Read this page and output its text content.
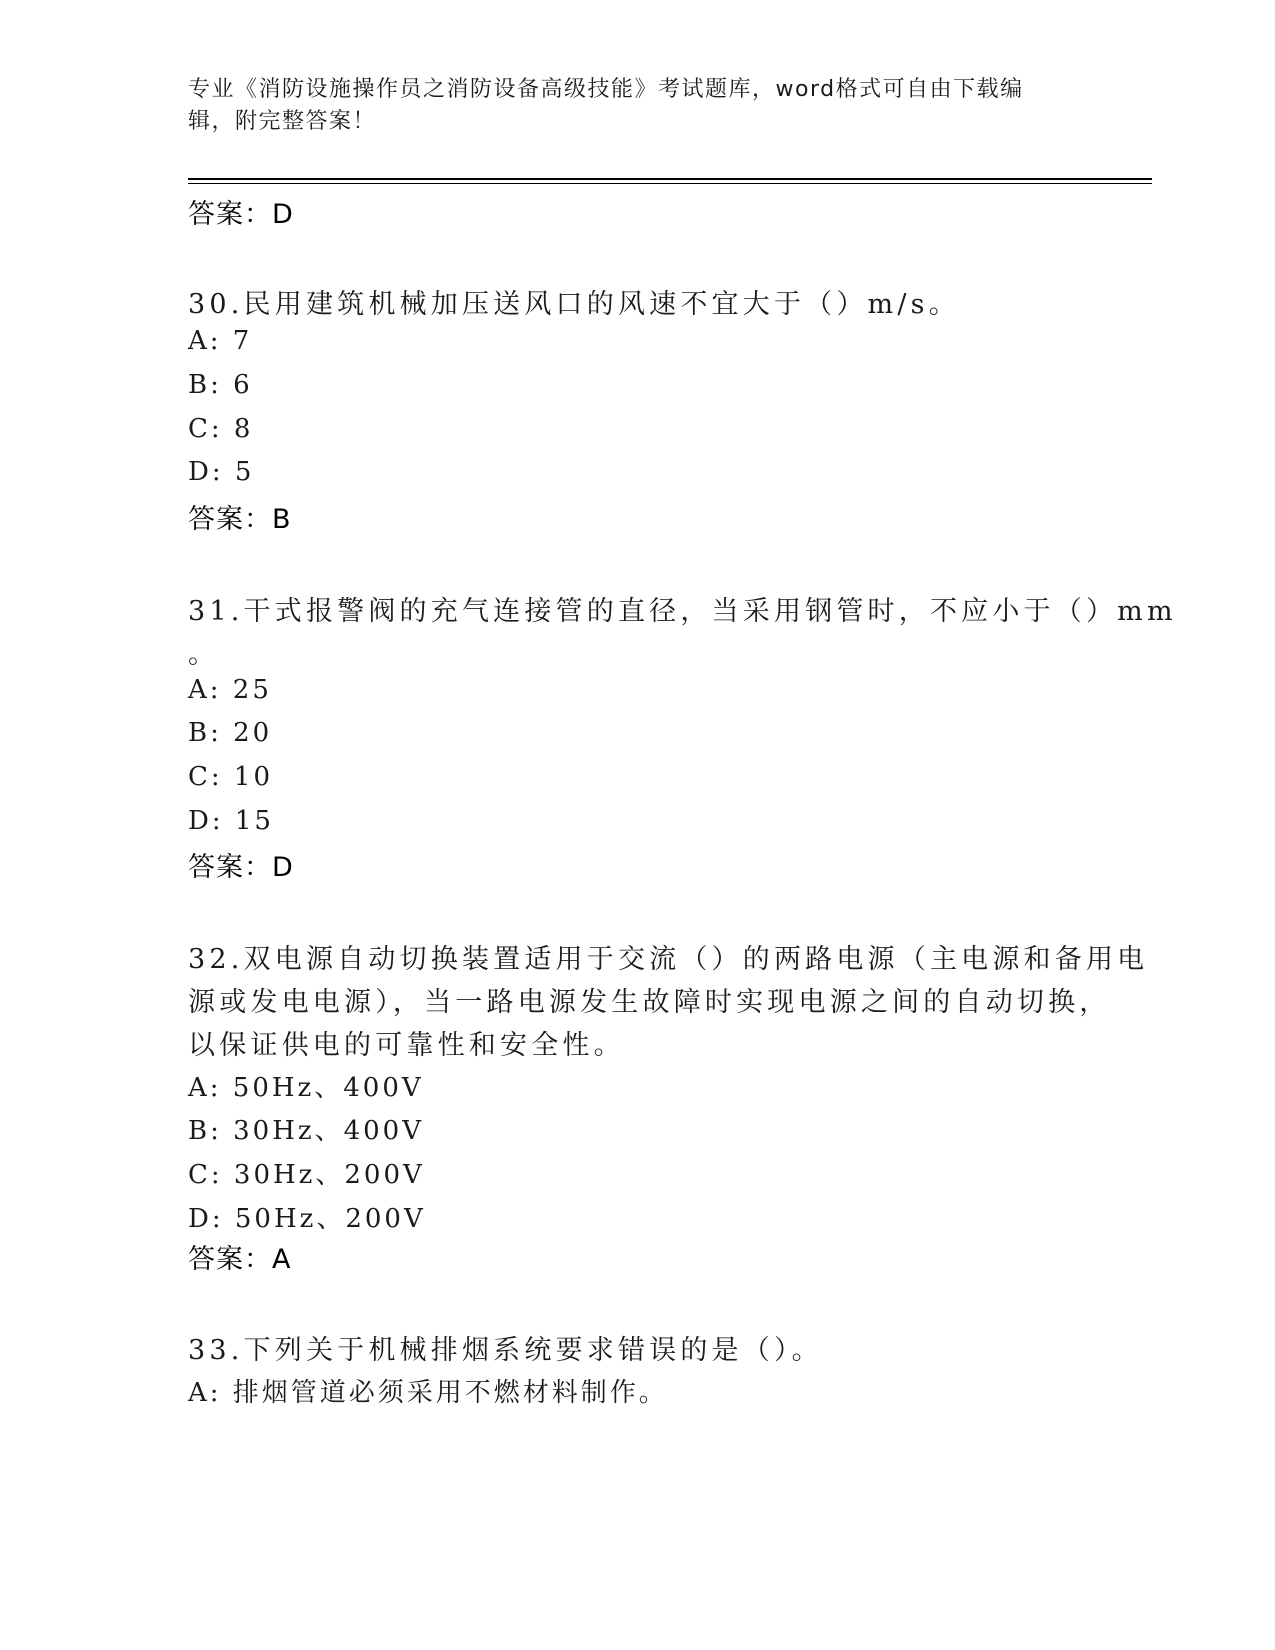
专业《消防设施操作员之消防设备高级技能》考试题库，word格式可自由下载编辑，附完整答案！
答案：D
30.民用建筑机械加压送风口的风速不宜大于（）m/s。
A: 7
B: 6
C: 8
D: 5
答案：B
31.干式报警阀的充气连接管的直径，当采用钢管时，不应小于（）mm
。
A: 25
B: 20
C: 10
D: 15
答案：D
32.双电源自动切换装置适用于交流（）的两路电源（主电源和备用电
源或发电电源），当一路电源发生故障时实现电源之间的自动切换，
以保证供电的可靠性和安全性。
A: 50Hz、400V
B: 30Hz、400V
C: 30Hz、200V
D: 50Hz、200V
答案：A
33.下列关于机械排烟系统要求错误的是（）。
A: 排烟管道必须采用不燃材料制作。
